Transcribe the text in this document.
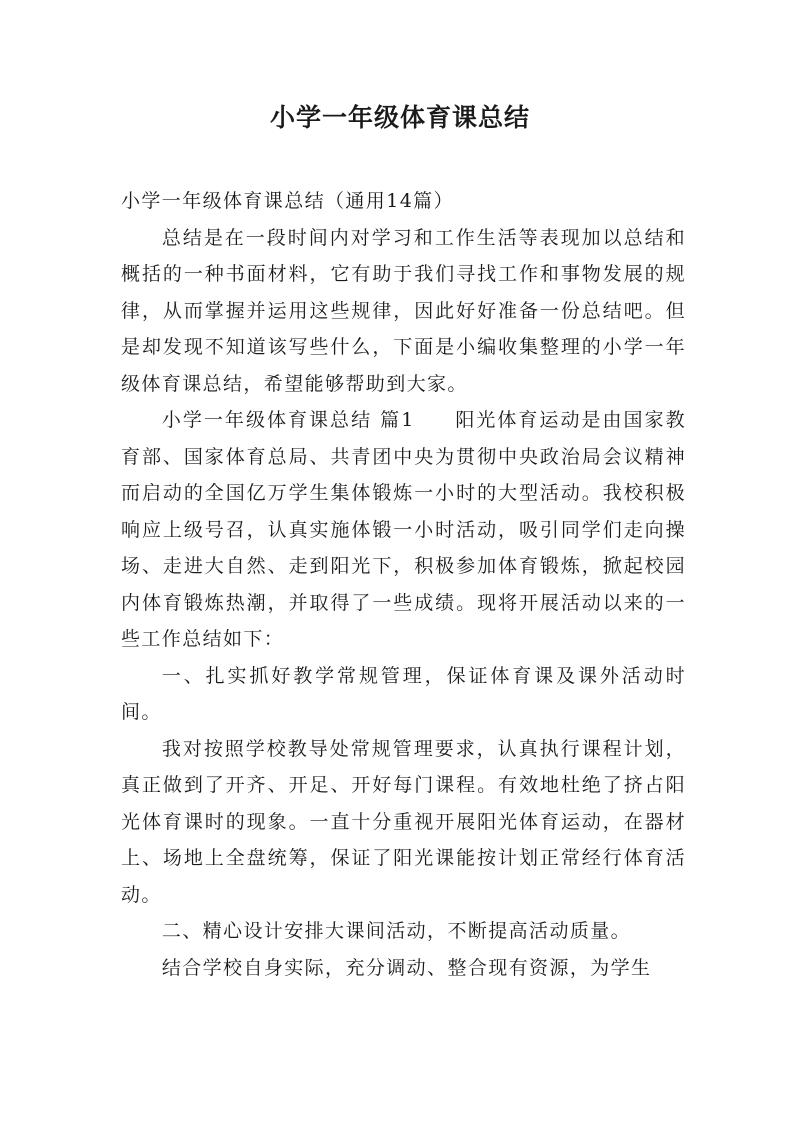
小学一年级体育课总结

小学一年级体育课总结（通用14篇）

总结是在一段时间内对学习和工作生活等表现加以总结和概括的一种书面材料，它有助于我们寻找工作和事物发展的规律，从而掌握并运用这些规律，因此好好准备一份总结吧。但是却发现不知道该写些什么，下面是小编收集整理的小学一年级体育课总结，希望能够帮助到大家。

小学一年级体育课总结 篇1 阳光体育运动是由国家教育部、国家体育总局、共青团中央为贯彻中央政治局会议精神而启动的全国亿万学生集体锻炼一小时的大型活动。我校积极响应上级号召，认真实施体锻一小时活动，吸引同学们走向操场、走进大自然、走到阳光下，积极参加体育锻炼，掀起校园内体育锻炼热潮，并取得了一些成绩。现将开展活动以来的一些工作总结如下：

一、扎实抓好教学常规管理，保证体育课及课外活动时间。

我对按照学校教导处常规管理要求，认真执行课程计划，真正做到了开齐、开足、开好每门课程。有效地杜绝了挤占阳光体育课时的现象。一直十分重视开展阳光体育运动，在器材上、场地上全盘统筹，保证了阳光课能按计划正常经行体育活动。

二、精心设计安排大课间活动，不断提高活动质量。

结合学校自身实际，充分调动、整合现有资源，为学生
